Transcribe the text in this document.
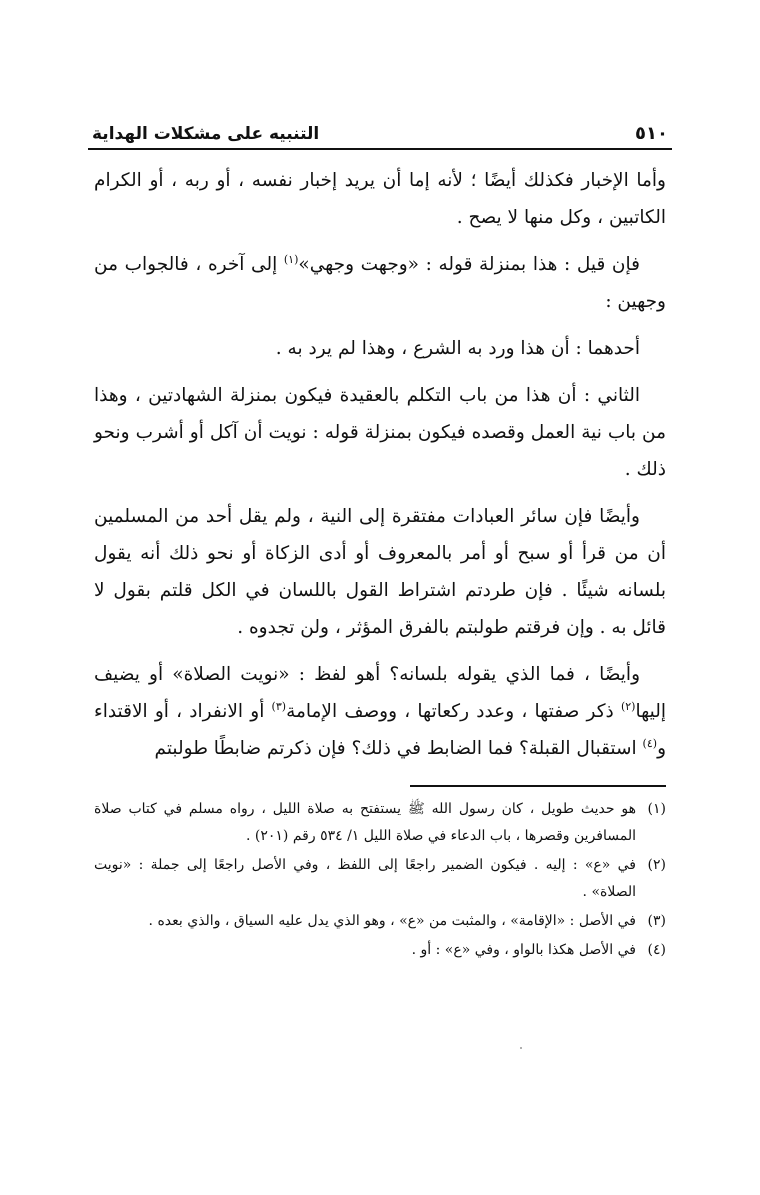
٥١٠
التنبيه على مشكلات الهداية

وأما الإخبار فكذلك أيضًا ؛ لأنه إما أن يريد إخبار نفسه ، أو ربه ، أو الكرام الكاتبين ، وكل منها لا يصح .

فإن قيل : هذا بمنزلة قوله : «وجهت وجهي»$^{(١)}$ إلى آخره ، فالجواب من وجهين :

أحدهما : أن هذا ورد به الشرع ، وهذا لم يرد به .

الثاني : أن هذا من باب التكلم بالعقيدة فيكون بمنزلة الشهادتين ، وهذا من باب نية العمل وقصده فيكون بمنزلة قوله : نويت أن آكل أو أشرب ونحو ذلك .

وأيضًا فإن سائر العبادات مفتقرة إلى النية ، ولم يقل أحد من المسلمين أن من قرأ أو سبح أو أمر بالمعروف أو أدى الزكاة أو نحو ذلك أنه يقول بلسانه شيئًا . فإن طردتم اشتراط القول باللسان في الكل قلتم بقول لا قائل به . وإن فرقتم طولبتم بالفرق المؤثر ، ولن تجدوه .

وأيضًا ، فما الذي يقوله بلسانه؟ أهو لفظ : «نويت الصلاة» أو يضيف إليها$^{(٢)}$ ذكر صفتها ، وعدد ركعاتها ، ووصف الإمامة$^{(٣)}$ أو الانفراد ، أو الاقتداء و$^{(٤)}$ استقبال القبلة؟ فما الضابط في ذلك؟ فإن ذكرتم ضابطًا طولبتم

(١)
هو حديث طويل ، كان رسول الله ﷺ يستفتح به صلاة الليل ، رواه مسلم في كتاب صلاة المسافرين وقصرها ، باب الدعاء في صلاة الليل ١/ ٥٣٤ رقم (٢٠١) .
(٢)
في «ع» : إليه . فيكون الضمير راجعًا إلى اللفظ ، وفي الأصل راجعًا إلى جملة : «نويت الصلاة» .
(٣)
في الأصل : «الإقامة» ، والمثبت من «ع» ، وهو الذي يدل عليه السياق ، والذي بعده .
(٤)
في الأصل هكذا بالواو ، وفي «ع» : أو .
